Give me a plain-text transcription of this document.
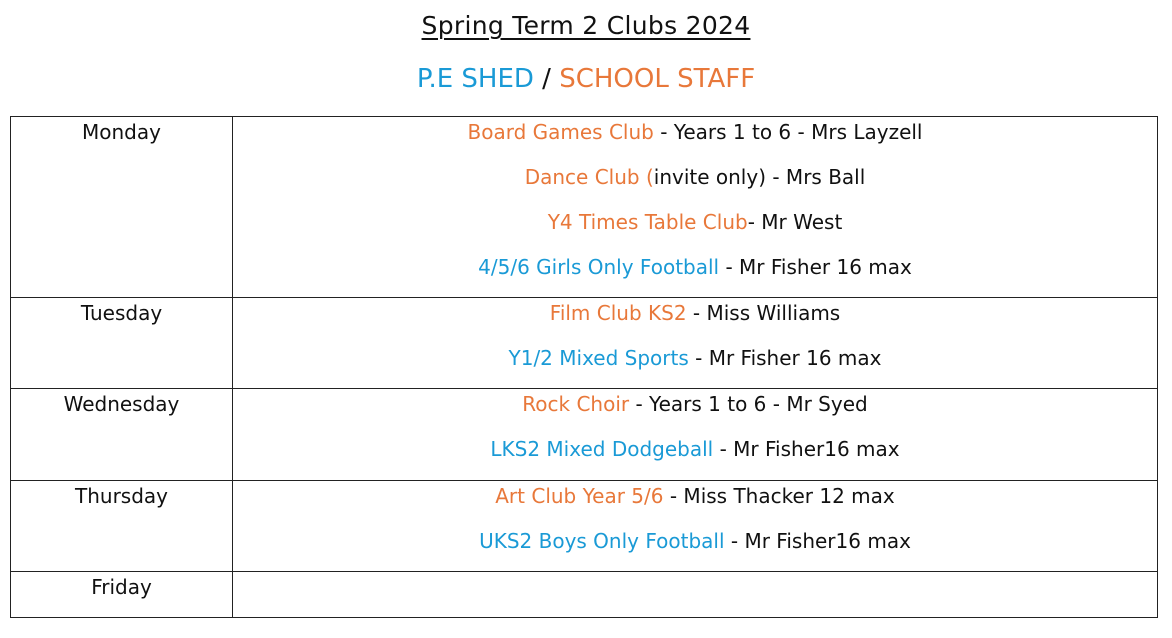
Spring Term 2 Clubs 2024
P.E SHED / SCHOOL STAFF
Monday	Board Games Club - Years 1 to 6 - Mrs Layzell
Dance Club (invite only) - Mrs Ball
Y4 Times Table Club- Mr West
4/5/6 Girls Only Football - Mr Fisher 16 max

Tuesday	Film Club KS2 - Miss Williams
Y1/2 Mixed Sports - Mr Fisher 16 max

Wednesday	Rock Choir - Years 1 to 6 - Mr Syed
LKS2 Mixed Dodgeball - Mr Fisher16 max

Thursday	Art Club Year 5/6 - Miss Thacker 12 max
UKS2 Boys Only Football - Mr Fisher16 max

Friday	
